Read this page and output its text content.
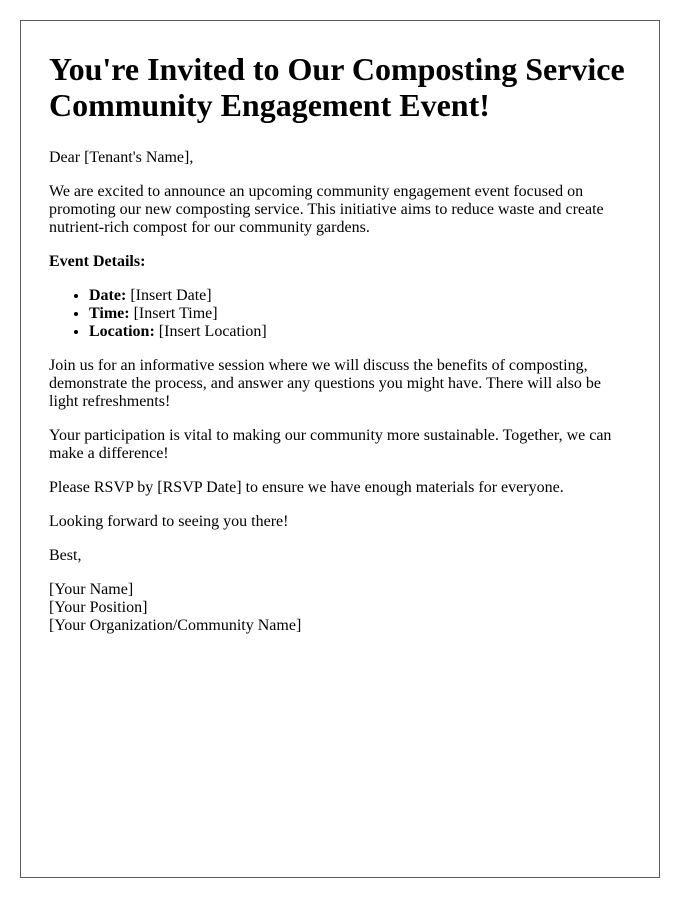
You're Invited to Our Composting Service Community Engagement Event!

Dear [Tenant's Name],

We are excited to announce an upcoming community engagement event focused on promoting our new composting service. This initiative aims to reduce waste and create nutrient-rich compost for our community gardens.

Event Details:

• Date: [Insert Date]
• Time: [Insert Time]
• Location: [Insert Location]

Join us for an informative session where we will discuss the benefits of composting, demonstrate the process, and answer any questions you might have. There will also be light refreshments!

Your participation is vital to making our community more sustainable. Together, we can make a difference!

Please RSVP by [RSVP Date] to ensure we have enough materials for everyone.

Looking forward to seeing you there!

Best,

[Your Name]
[Your Position]
[Your Organization/Community Name]
